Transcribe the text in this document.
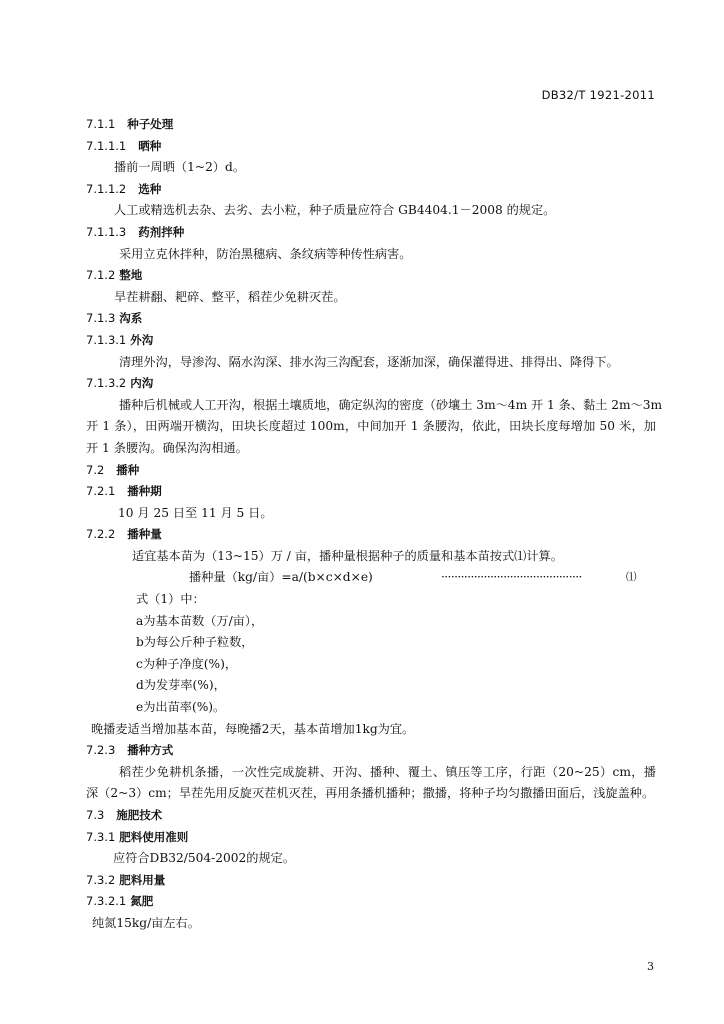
DB32/T 1921-2011
7.1.1 种子处理
7.1.1.1 晒种
播前一周晒（1~2）d。
7.1.1.2 选种
人工或精选机去杂、去劣、去小粒，种子质量应符合 GB4404.1－2008 的规定。
7.1.1.3 药剂拌种
采用立克休拌种，防治黑穗病、条纹病等种传性病害。
7.1.2 整地
旱茬耕翻、耙碎、整平，稻茬少免耕灭茬。
7.1.3 沟系
7.1.3.1 外沟
清理外沟，导渗沟、隔水沟深、排水沟三沟配套，逐渐加深，确保灌得进、排得出、降得下。
7.1.3.2 内沟
播种后机械或人工开沟，根据土壤质地，确定纵沟的密度（砂壤土 3m～4m 开 1 条、黏土 2m～3m
开 1 条），田两端开横沟，田块长度超过 100m，中间加开 1 条腰沟，依此，田块长度每增加 50 米，加
开 1 条腰沟。确保沟沟相通。
7.2 播种
7.2.1 播种期
10 月 25 日至 11 月 5 日。
7.2.2 播种量
适宜基本苗为（13~15）万 / 亩，播种量根据种子的质量和基本苗按式⑴计算。
播种量（kg/亩）=a/(b×c×d×e)	···········································	⑴
式（1）中：
a为基本苗数（万/亩），
b为每公斤种子粒数，
c为种子净度(%)，
d为发芽率(%)，
e为出苗率(%)。
晚播麦适当增加基本苗，每晚播2天，基本苗增加1kg为宜。
7.2.3 播种方式
稻茬少免耕机条播，一次性完成旋耕、开沟、播种、覆土、镇压等工序，行距（20~25）cm，播
深（2~3）cm；旱茬先用反旋灭茬机灭茬，再用条播机播种；撒播，将种子均匀撒播田面后，浅旋盖种。
7.3 施肥技术
7.3.1 肥料使用准则
应符合DB32/504-2002的规定。
7.3.2 肥料用量
7.3.2.1 氮肥
纯氮15kg/亩左右。
3
